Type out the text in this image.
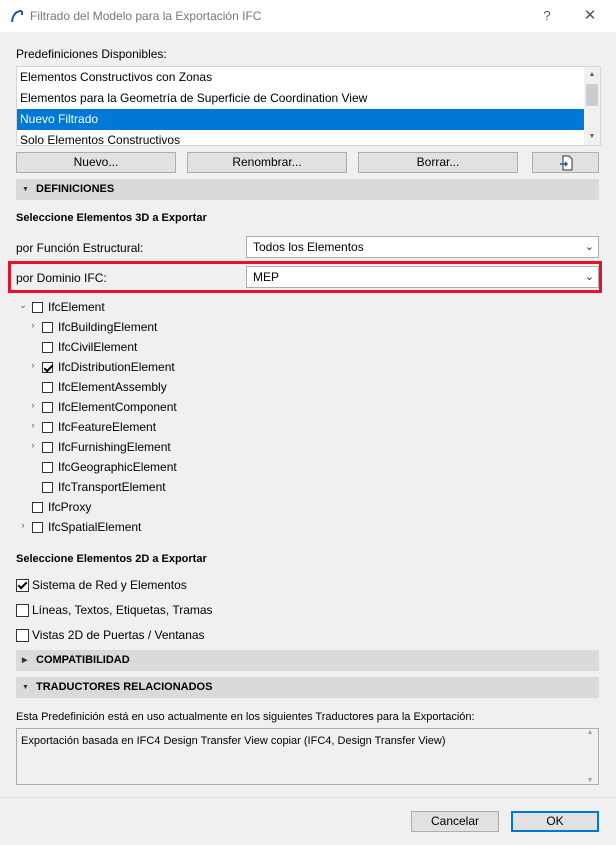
Filtrado del Modelo para la Exportación IFC	?	✕
Predefiniciones Disponibles:
Elementos Constructivos con Zonas
Elementos para la Geometría de Superficie de Coordination View
Nuevo Filtrado
Solo Elementos Constructivos
▲
▼
Nuevo...	Renombrar...	Borrar...
▼ DEFINICIONES
Seleccione Elementos 3D a Exportar
por Función Estructural:	Todos los Elementos	⌄
por Dominio IFC:	MEP	⌄
⌄ IfcElement
› IfcBuildingElement
IfcCivilElement
› IfcDistributionElement
IfcElementAssembly
› IfcElementComponent
› IfcFeatureElement
› IfcFurnishingElement
IfcGeographicElement
IfcTransportElement
IfcProxy
› IfcSpatialElement
Seleccione Elementos 2D a Exportar
Sistema de Red y Elementos
Líneas, Textos, Etiquetas, Tramas
Vistas 2D de Puertas / Ventanas
▶ COMPATIBILIDAD
▼ TRADUCTORES RELACIONADOS
Esta Predefinición está en uso actualmente en los siguientes Traductores para la Exportación:
Exportación basada en IFC4 Design Transfer View copiar (IFC4, Design Transfer View)
▲
▼
Cancelar	OK
